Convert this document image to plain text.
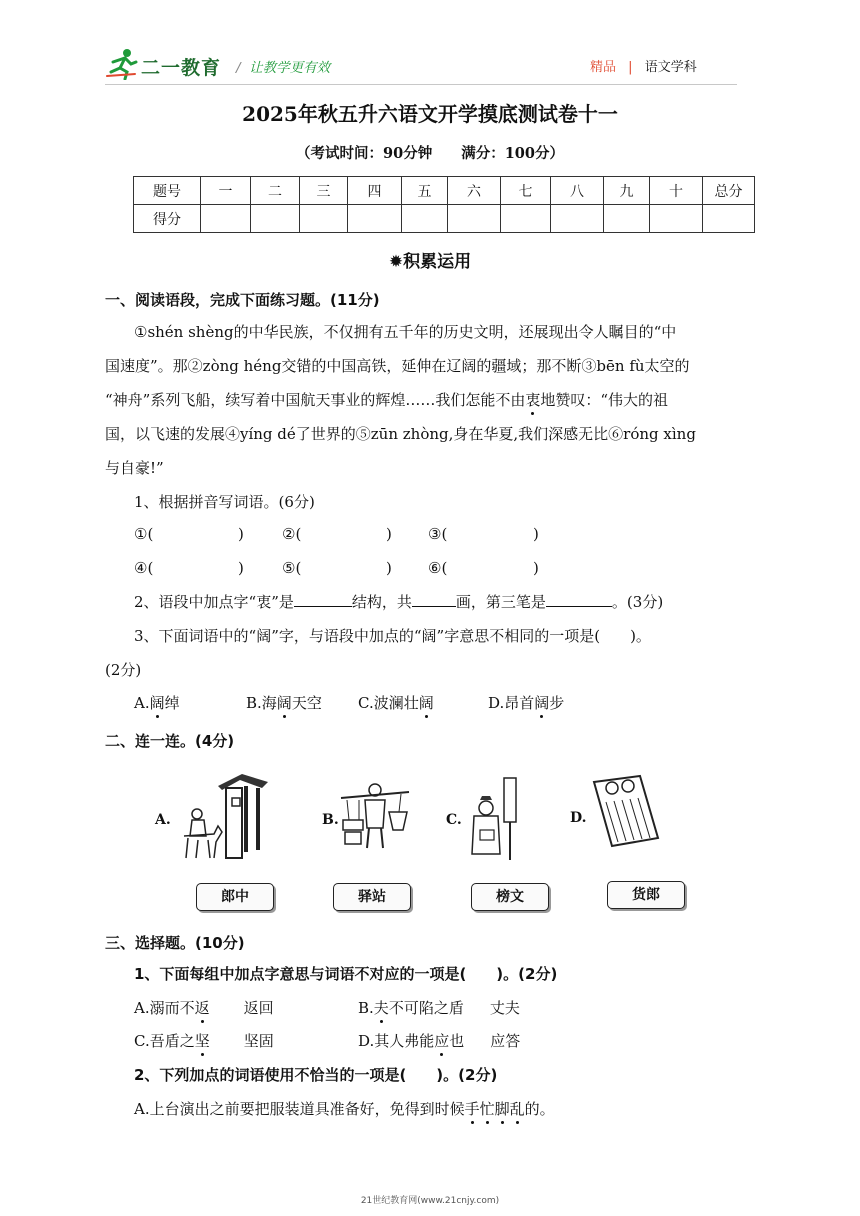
二一教育 / 让教学更有效	精品 | 语文学科
2025年秋五升六语文开学摸底测试卷十一
（考试时间：90分钟　　满分：100分）
题号	一	二	三	四	五	六	七	八	九	十	总分
得分											
✹积累运用
一、阅读语段，完成下面练习题。(11分)
①shén shèng的中华民族，不仅拥有五千年的历史文明，还展现出令人瞩目的“中
国速度”。那②zòng héng交错的中国高铁，延伸在辽阔的疆域；那不断③bēn fù太空的
“神舟”系列飞船，续写着中国航天事业的辉煌……我们怎能不由衷地赞叹：“伟大的祖
国，以飞速的发展④yíng dé了世界的⑤zūn zhòng,身在华夏,我们深感无比⑥róng xìng
与自豪!”
1、根据拼音写词语。(6分)
①(	)	②(	) ③(	)
④(	)	⑤(	) ⑥(	)
2、语段中加点字“衷”是	结构，共	画，第三笔是	。(3分)
3、下面词语中的“阔”字，与语段中加点的“阔”字意思不相同的一项是(　　)。
(2分)
A.阔绰	B.海阔天空 C.波澜壮阔	D.昂首阔步
二、连一连。(4分)
A.	B.	C.	D.
郎中	驿站	榜文	货郎
三、选择题。(10分)
1、下面每组中加点字意思与词语不对应的一项是(　　)。(2分)
A.溺而不返 返回	B.夫不可陷之盾 丈夫
C.吾盾之坚 坚固	D.其人弗能应也 应答
2、下列加点的词语使用不恰当的一项是(　　)。(2分)
A.上台演出之前要把服装道具准备好，免得到时候手忙脚乱的。
21世纪教育网(www.21cnjy.com)
